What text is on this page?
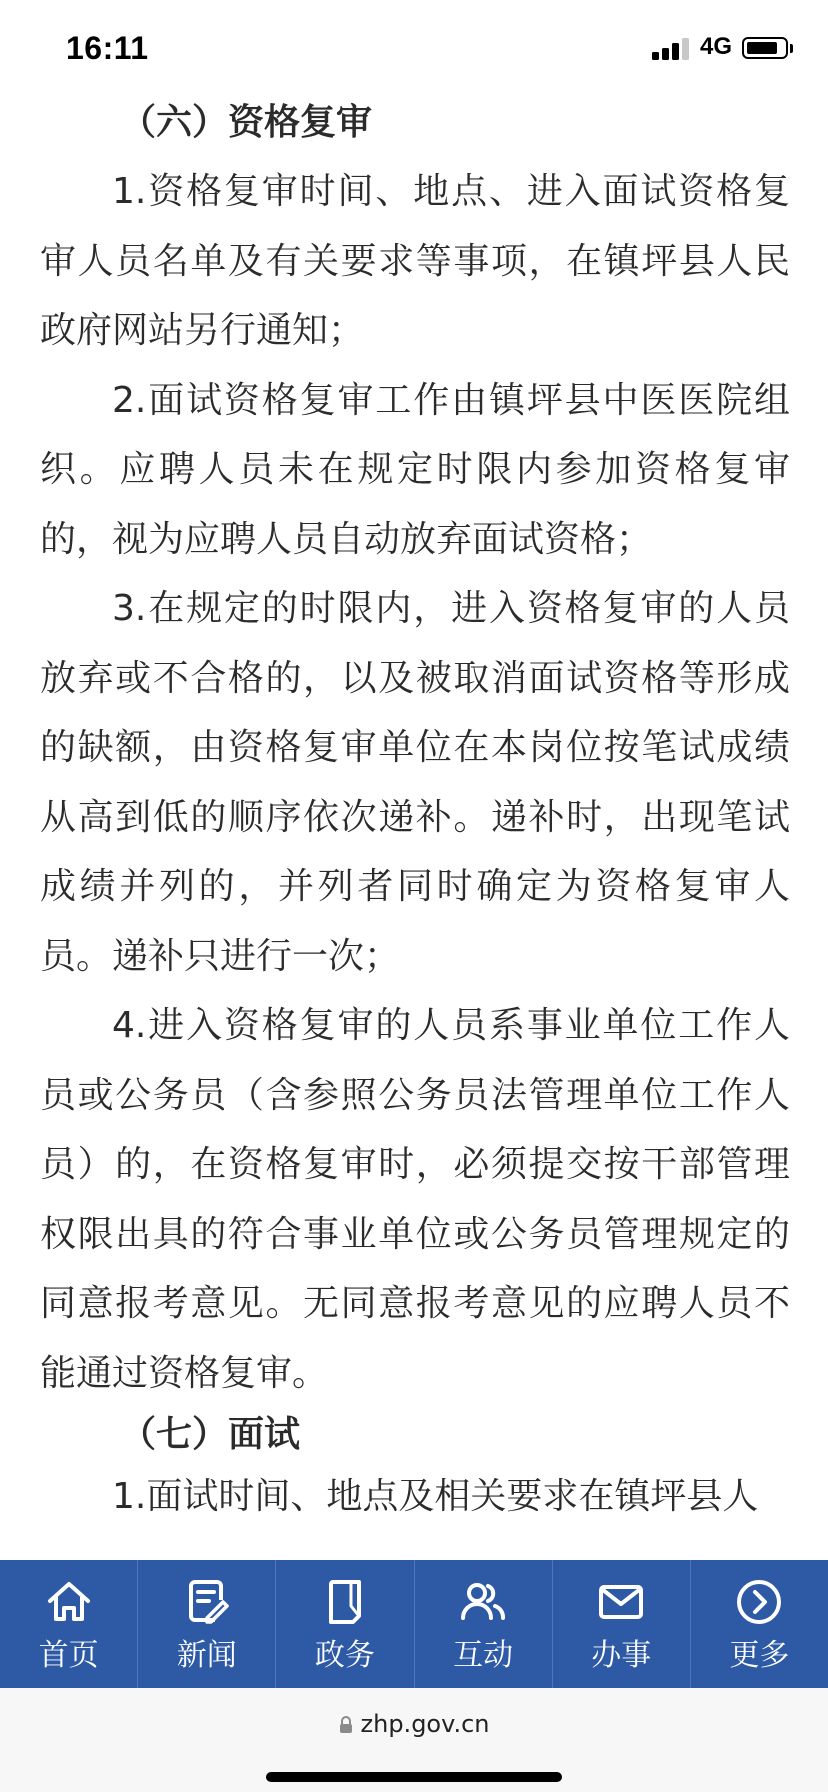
16:11	4G
（六）资格复审

1.资格复审时间、地点、进入面试资格复审人员名单及有关要求等事项，在镇坪县人民政府网站另行通知；

2.面试资格复审工作由镇坪县中医医院组织。应聘人员未在规定时限内参加资格复审的，视为应聘人员自动放弃面试资格；

3.在规定的时限内，进入资格复审的人员放弃或不合格的，以及被取消面试资格等形成的缺额，由资格复审单位在本岗位按笔试成绩从高到低的顺序依次递补。递补时，出现笔试成绩并列的，并列者同时确定为资格复审人员。递补只进行一次；

4.进入资格复审的人员系事业单位工作人员或公务员（含参照公务员法管理单位工作人员）的，在资格复审时，必须提交按干部管理权限出具的符合事业单位或公务员管理规定的同意报考意见。无同意报考意见的应聘人员不能通过资格复审。

（七）面试

1.面试时间、地点及相关要求在镇坪县人

首页	新闻	政务	互动	办事	更多
zhp.gov.cn
